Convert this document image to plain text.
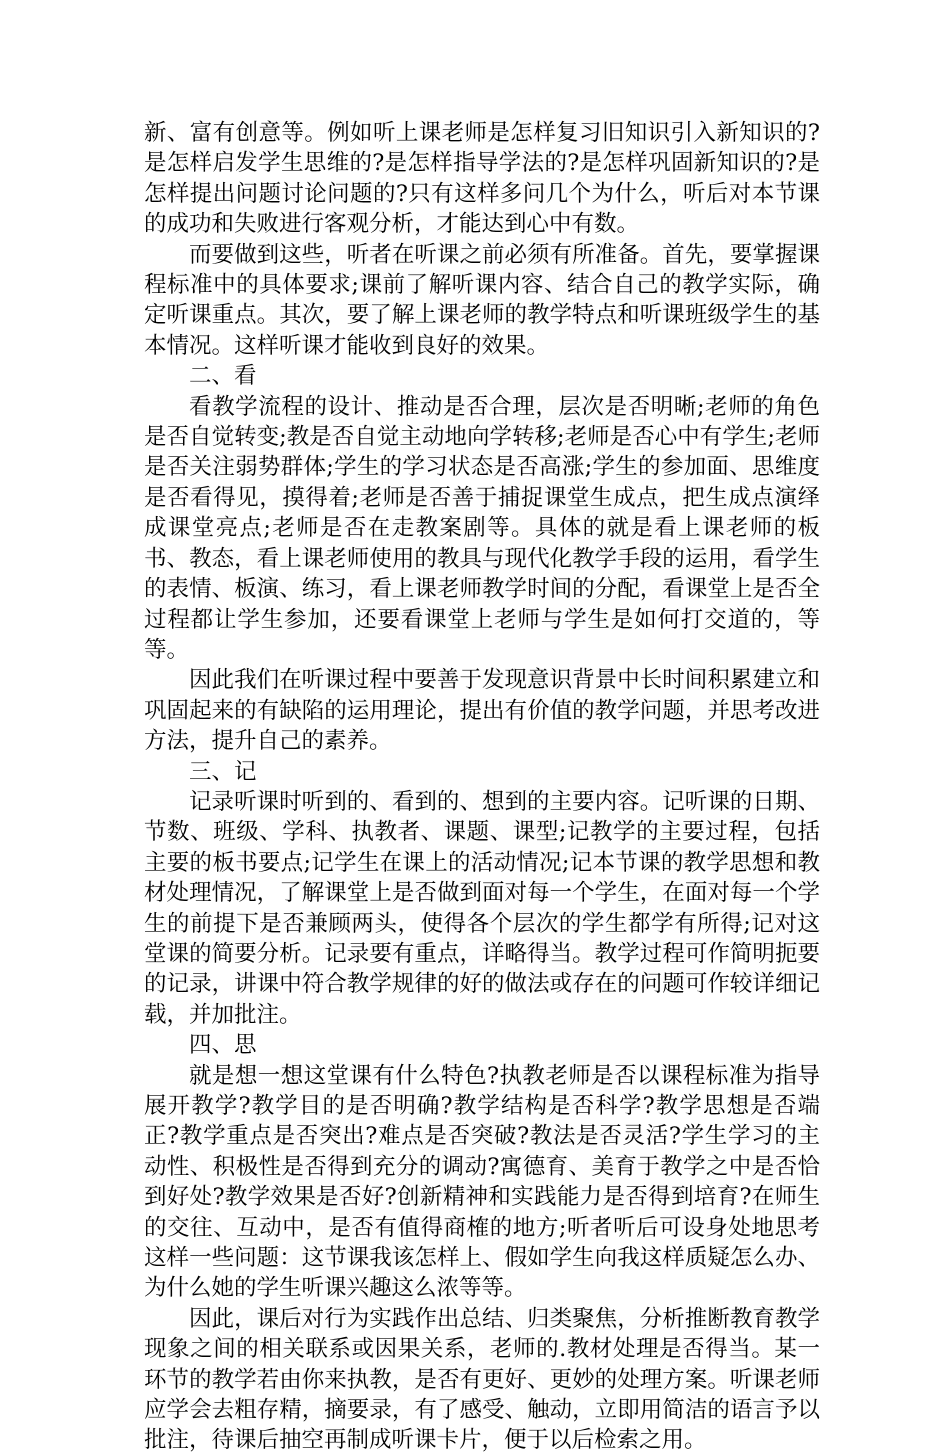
新、富有创意等。例如听上课老师是怎样复习旧知识引入新知识的?是怎样启发学生思维的?是怎样指导学法的?是怎样巩固新知识的?是怎样提出问题讨论问题的?只有这样多问几个为什么，听后对本节课的成功和失败进行客观分析，才能达到心中有数。

而要做到这些，听者在听课之前必须有所准备。首先，要掌握课程标准中的具体要求;课前了解听课内容、结合自己的教学实际，确定听课重点。其次，要了解上课老师的教学特点和听课班级学生的基本情况。这样听课才能收到良好的效果。

二、看

看教学流程的设计、推动是否合理，层次是否明晰;老师的角色是否自觉转变;教是否自觉主动地向学转移;老师是否心中有学生;老师是否关注弱势群体;学生的学习状态是否高涨;学生的参加面、思维度是否看得见，摸得着;老师是否善于捕捉课堂生成点，把生成点演绎成课堂亮点;老师是否在走教案剧等。具体的就是看上课老师的板书、教态，看上课老师使用的教具与现代化教学手段的运用，看学生的表情、板演、练习，看上课老师教学时间的分配，看课堂上是否全过程都让学生参加，还要看课堂上老师与学生是如何打交道的，等等。

因此我们在听课过程中要善于发现意识背景中长时间积累建立和巩固起来的有缺陷的运用理论，提出有价值的教学问题，并思考改进方法，提升自己的素养。

三、记

记录听课时听到的、看到的、想到的主要内容。记听课的日期、节数、班级、学科、执教者、课题、课型;记教学的主要过程，包括主要的板书要点;记学生在课上的活动情况;记本节课的教学思想和教材处理情况，了解课堂上是否做到面对每一个学生，在面对每一个学生的前提下是否兼顾两头，使得各个层次的学生都学有所得;记对这堂课的简要分析。记录要有重点，详略得当。教学过程可作简明扼要的记录，讲课中符合教学规律的好的做法或存在的问题可作较详细记载，并加批注。

四、思

就是想一想这堂课有什么特色?执教老师是否以课程标准为指导展开教学?教学目的是否明确?教学结构是否科学?教学思想是否端正?教学重点是否突出?难点是否突破?教法是否灵活?学生学习的主动性、积极性是否得到充分的调动?寓德育、美育于教学之中是否恰到好处?教学效果是否好?创新精神和实践能力是否得到培育?在师生的交往、互动中，是否有值得商榷的地方;听者听后可设身处地思考这样一些问题：这节课我该怎样上、假如学生向我这样质疑怎么办、为什么她的学生听课兴趣这么浓等等。

因此，课后对行为实践作出总结、归类聚焦，分析推断教育教学现象之间的相关联系或因果关系，老师的.教材处理是否得当。某一环节的教学若由你来执教，是否有更好、更妙的处理方案。听课老师应学会去粗存精，摘要录，有了感受、触动，立即用简洁的语言予以批注，待课后抽空再制成听课卡片，便于以后检索之用。
